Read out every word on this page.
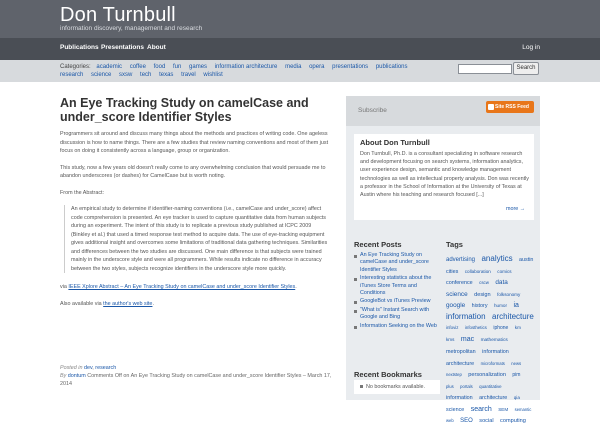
Don Turnbull
information discovery, management and research
Publications Presentations About	Log in
Categories: academic coffee food fun games information architecture media opera presentations publications research science sxsw tech texas travel wishlist
Search
An Eye Tracking Study on camelCase and under_score Identifier Styles

Programmers sit around and discuss many things about the methods and practices of writing code. One ageless discussion is how to name things. There are a few studies that review naming conventions and most of them just focus on doing it consistently across a language, group or organization.

This study, now a few years old doesn't really come to any overwhelming conclusion that would persuade me to abandon underscores (or dashes) for CamelCase but is worth noting.

From the Abstract:

An empirical study to determine if identifier-naming conventions (i.e., camelCase and under_score) affect code comprehension is presented. An eye tracker is used to capture quantitative data from human subjects during an experiment. The intent of this study is to replicate a previous study published at ICPC 2009 (Binkley et al.) that used a timed response test method to acquire data. The use of eye-tracking equipment gives additional insight and overcomes some limitations of traditional data gathering techniques. Similarities and differences between the two studies are discussed. One main difference is that subjects were trained mainly in the underscore style and were all programmers. While results indicate no difference in accuracy between the two styles, subjects recognize identifiers in the underscore style more quickly.

via IEEE Xplore Abstract – An Eye Tracking Study on camelCase and under_score Identifier Styles.

Also available via the author's web site.

Posted in dev, research
By dontum Comments Off on An Eye Tracking Study on camelCase and under_score Identifier Styles – March 17, 2014
Subscribe	Site RSS Feed
About Don Turnbull
Don Turnbull, Ph.D. is a consultant specializing in software research and development focusing on search systems, information analytics, user experience design, semantic and knowledge management technologies as well as intellectual property analysis. Don was recently a professor in the School of Information at the University of Texas at Austin where his teaching and research focused [...]
more →
Recent Posts
An Eye Tracking Study on camelCase and under_score Identifier Styles
Interesting statistics about the iTunes Store Terms and Conditions
GoogleBot vs iTunes Preview
"What is" Instant Search with Google and Bing
Information Seeking on the Web
Recent Bookmarks
No bookmarks available.
Tags
advertising analytics austin cities collaboration comics conference cscw data science design folksonomy google history humor ia information architecture infoviz infosthetics iphone km kms mac mathematics metropolitan information architecture microformats news nextstep personalization pim plus portals quantitative information architecture qia science search SEM semantic web SEO social computing
